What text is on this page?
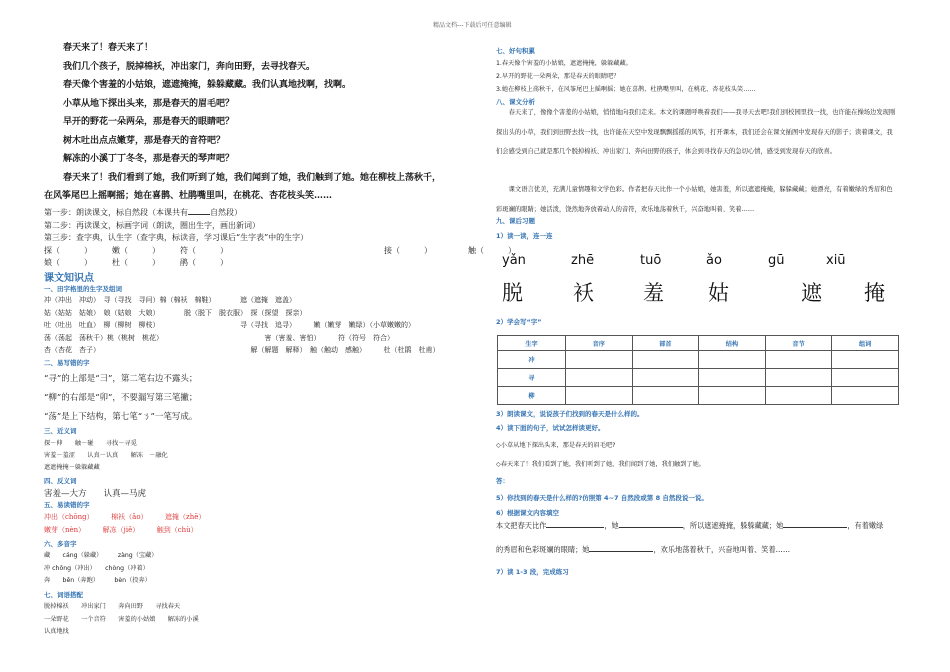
精品文档---下载后可任意编辑
春天来了！春天来了！
我们几个孩子，脱掉棉袄，冲出家门，奔向田野，去寻找春天。
春天像个害羞的小姑娘，遮遮掩掩，躲躲藏藏。我们认真地找啊，找啊。
小草从地下探出头来，那是春天的眉毛吧？
早开的野花一朵两朵，那是春天的眼睛吧？
树木吐出点点嫩芽，那是春天的音符吧？
解冻的小溪丁丁冬冬，那是春天的琴声吧？
春天来了！我们看到了她，我们听到了她，我们闻到了她，我们触到了她。她在柳枝上荡秋千，
在风筝尾巴上摇啊摇；她在喜鹊、杜鹃嘴里叫，在桃花、杏花枝头笑……
第一步：朗读课文，标自然段（本课共有	自然段）
第二步：再读课文，标画字词（朗读，圈出生字，画出新词）
第三步：查字典，认生字（查字典，标读音，学习课后“生字表”中的生字）
探（　　　）　　　嫩（　　　）　　　符（　　　）　　　　　　　　　　　　　　　　　　　　接（　　　）　　　　　触（　　　）
娘（　　　）　　　杜（　　　）　　　鹃（　　　）
课文知识点
一、田字格里的生字及组词
冲（冲出　冲动）　寻（寻找　寻问）棉（棉袄　棉鞋）　　　　遮（遮掩　遮盖）
姑（姑姑　姑娘）　娘（姑娘　大娘）　　　　脱（脱下　脱衣服）　探（探望　探亲）
吐（吐出　吐血）　柳（柳树　柳枝）　　　　　　　　　　　　寻（寻找　追寻）　　　嫩（嫩芽　嫩绿）（小草嫩嫩的）
荡（荡起　荡秋千）桃（桃树　桃花）　　　　　　　　　　　　　　　害（害羞、害怕）　　　符（符号　符合）
杏（杏花　杏子）　　　　　　　　　　　　　　　　　　　　　　解（解题　解释）　触（触动　感触）　　　杜（杜鹃　杜甫）
二、易写错的字
“寻”的上部是“彐”，第二笔右边不露头；
“柳”的右部是“卯”，不要漏写第三笔撇；
“荡”是上下结构，第七笔“ㄋ”一笔写成。
三、近义词
探－伸　　触－碰　　寻找－寻觅
害羞－羞涩　　认真－认真　　解冻　－融化
遮遮掩掩－躲躲藏藏
四、反义词
害羞—大方　　认真—马虎
五、易读错的字
冲出（chōng）　　　	棉袄（ǎo）　　　	遮掩（zhē）
嫩芽（nèn）　　　	解冻（jiě）　　　	触到（chù）
六、多音字
藏　　cáng（躲藏）　　　zàng（宝藏）
冲 chōng（冲出）　　chòng（冲着）
奔　　bēn（奔跑）　　　bèn（投奔）
七、词语搭配
脱掉棉袄　　冲出家门　　奔向田野　　寻找春天
一朵野花　　一个音符　　害羞的小姑娘　　解冻的小溪
认真地找
七、好句积累
1.春天像个害羞的小姑娘，遮遮掩掩，躲躲藏藏。
2.早开的野花一朵两朵，那是春天的眼睛吧？
3.她在柳枝上荡秋千，在风筝尾巴上摇啊摇；她在喜鹊、杜鹃嘴里叫，在桃花、杏花枝头笑……
八、课文分析
春天来了，像像个害羞的小姑娘，悄悄地向我们走来。本文的课题呼唤着我们——我寻天去吧!我们到校园里找一找，也许能在操场边发现刚探出头的小草，我们到田野去找一找，也许能在天空中发现飘飘摇摇的风筝，打开课本，我们还会在课文插图中发现春天的影子；读着课文，我们会感受到自己就是那几个脱掉棉袄、冲出家门、奔向田野的孩子，体会到寻找春天的急切心情，感受到发现春天的欣喜。
课文语言优美，充满儿童情趣和文学色彩。作者把春天比作一个小姑娘，她害羞，所以遮遮掩掩，躲躲藏藏；她漂亮，有着嫩绿的秀眉和色彩斑斓的眼睛；她活泼，饶然地奔放着动人的音符，欢乐地荡着秋千，兴奋地叫着、笑着……
九、课后习题
1）读一读，连一连
yǎn	zhē	tuō	ǎo	gū	xiū
脱 袄 羞 姑	遮 掩
2）学会写“字”
生字	音序	部首	结构	音节	组词
冲					
寻					
柳					
3）朗读课文，说说孩子们找到的春天是什么样的。
4）读下面的句子，试试怎样读更好。
◇小草从地下探出头来，那是春天的眉毛吧?
◇春天来了！我们看到了她，我们听到了她，我们闻到了她，我们触到了她。
答：
5）你找到的春天是什么样的?仿照第 4~7 自然段或第 8 自然段说一说。
6）根据课文内容填空
本文把春天比作	，她	，所以遮遮掩掩，躲躲藏藏；她	，有着嫩绿
的秀眉和色彩斑斓的眼睛；她	，欢乐地荡着秋千，兴奋地叫着、笑着……
7）读 1-3 段，完成练习
